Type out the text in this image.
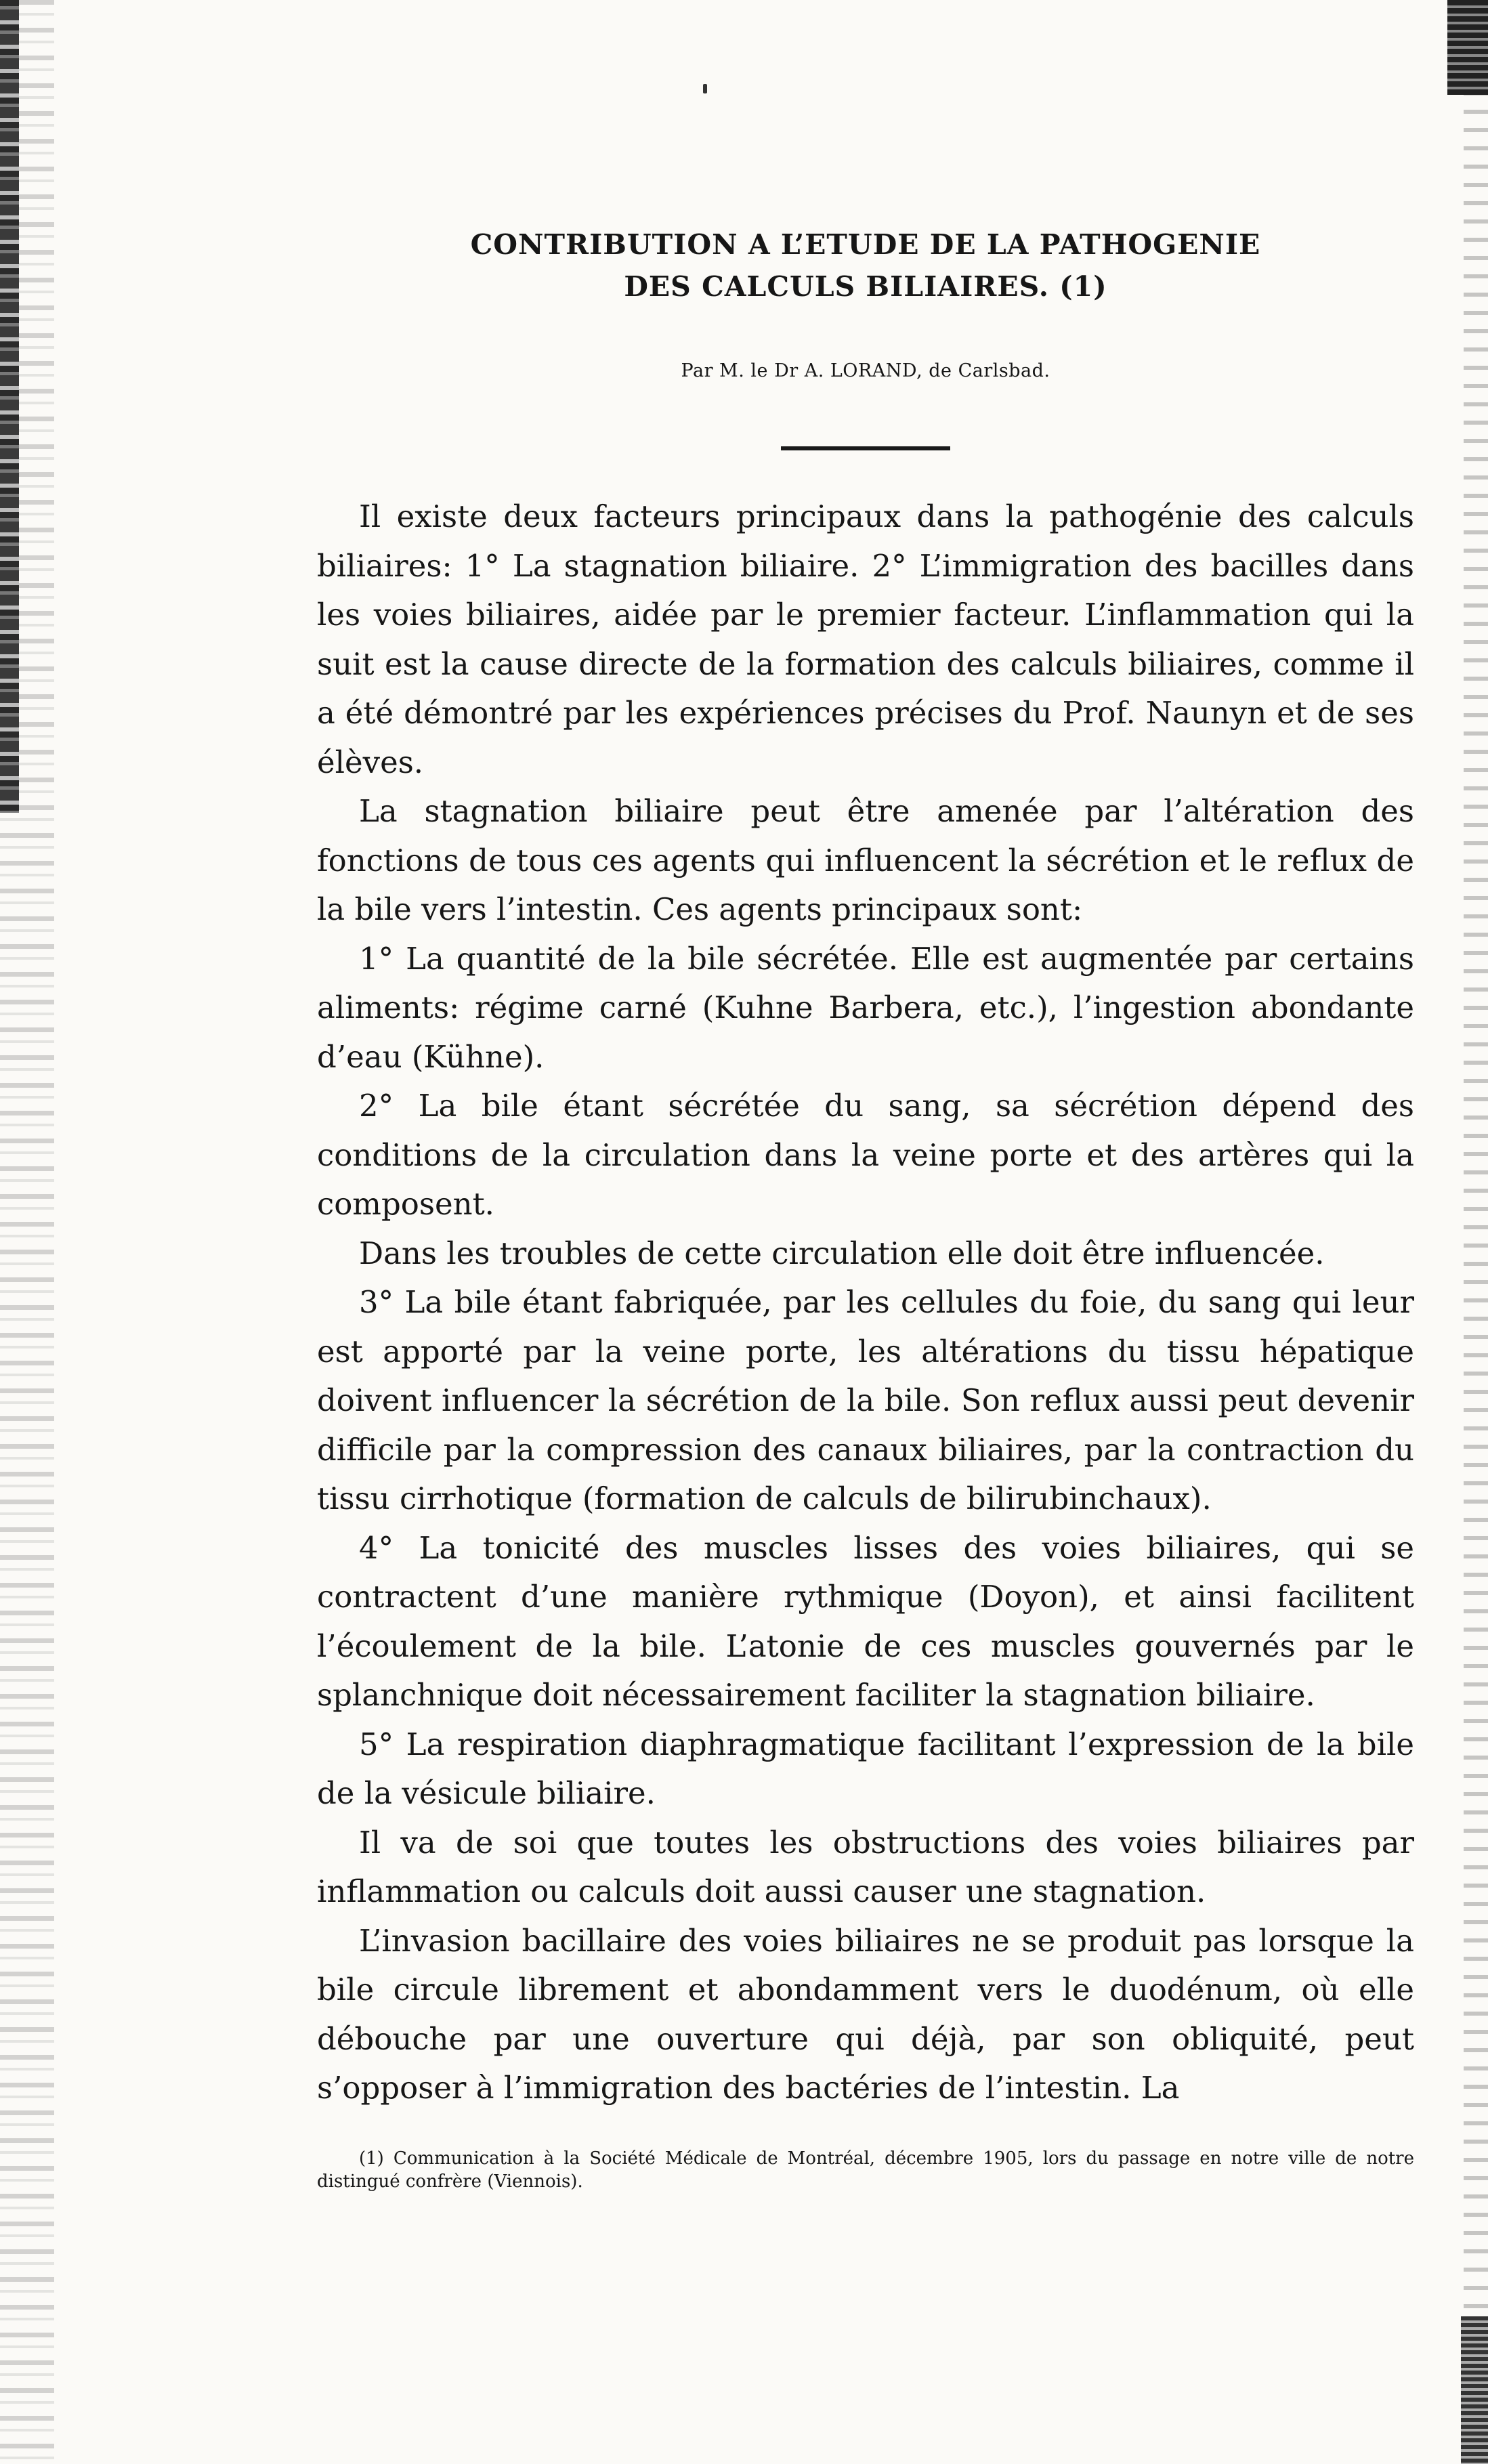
CONTRIBUTION A L’ETUDE DE LA PATHOGENIE
DES CALCULS BILIAIRES. (1)
Par M. le Dr A. LORAND, de Carlsbad.

Il existe deux facteurs principaux dans la pathogénie des calculs biliaires: 1° La stagnation biliaire. 2° L’immigration des bacilles dans les voies biliaires, aidée par le premier facteur. L’inflammation qui la suit est la cause directe de la formation des calculs biliaires, comme il a été démontré par les expériences précises du Prof. Naunyn et de ses élèves.

La stagnation biliaire peut être amenée par l’altération des fonctions de tous ces agents qui influencent la sécrétion et le reflux de la bile vers l’intestin. Ces agents principaux sont:

1° La quantité de la bile sécrétée. Elle est augmentée par certains aliments: régime carné (Kuhne Barbera, etc.), l’ingestion abondante d’eau (Kühne).

2° La bile étant sécrétée du sang, sa sécrétion dépend des conditions de la circulation dans la veine porte et des artères qui la composent.

Dans les troubles de cette circulation elle doit être influencée.

3° La bile étant fabriquée, par les cellules du foie, du sang qui leur est apporté par la veine porte, les altérations du tissu hépatique doivent influencer la sécrétion de la bile. Son reflux aussi peut devenir difficile par la compression des canaux biliaires, par la contraction du tissu cirrhotique (formation de calculs de bilirubinchaux).

4° La tonicité des muscles lisses des voies biliaires, qui se contractent d’une manière rythmique (Doyon), et ainsi facilitent l’écoulement de la bile. L’atonie de ces muscles gouvernés par le splanchnique doit nécessairement faciliter la stagnation biliaire.

5° La respiration diaphragmatique facilitant l’expression de la bile de la vésicule biliaire.

Il va de soi que toutes les obstructions des voies biliaires par inflammation ou calculs doit aussi causer une stagnation.

L’invasion bacillaire des voies biliaires ne se produit pas lorsque la bile circule librement et abondamment vers le duodénum, où elle débouche par une ouverture qui déjà, par son obliquité, peut s’opposer à l’immigration des bactéries de l’intestin. La

(1) Communication à la Société Médicale de Montréal, décembre 1905, lors du passage en notre ville de notre distingué confrère (Viennois).
